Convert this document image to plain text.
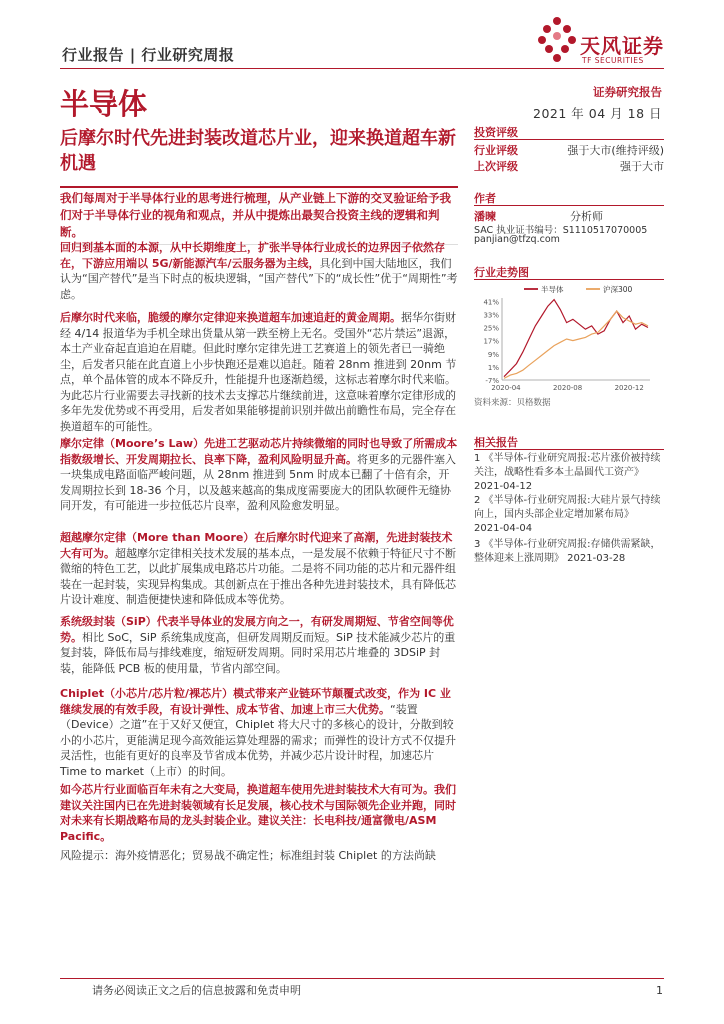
行业报告 | 行业研究周报	天风证券
TF SECURITIES
半导体	证券研究报告
2021 年 04 月 18 日
后摩尔时代先进封装改道芯片业，迎来换道超车新机遇
我们每周对于半导体行业的思考进行梳理，从产业链上下游的交叉验证给予我们对于半导体行业的视角和观点，并从中提炼出最契合投资主线的逻辑和判断。
回归到基本面的本源，从中长期维度上，扩张半导体行业成长的边界因子依然存在，下游应用端以 5G/新能源汽车/云服务器为主线，具化到中国大陆地区，我们认为“国产替代”是当下时点的板块逻辑，“国产替代”下的“成长性”优于“周期性”考虑。
后摩尔时代来临，脆缓的摩尔定律迎来换道超车加速追赶的黄金周期。据华尔街财经 4/14 报道华为手机全球出货量从第一跌至榜上无名。受国外“芯片禁运”退源，本土产业奋起直追迫在眉睫。但此时摩尔定律先进工艺赛道上的领先者已一骑绝尘，后发者只能在此直道上小步快跑还是难以追赶。随着 28nm 推进到 20nm 节点，单个晶体管的成本不降反升，性能提升也逐渐趋缓，这标志着摩尔时代来临。为此芯片行业需要去寻找新的技术去支撑芯片继续前进，这意味着摩尔定律形成的多年先发优势或不再受用，后发者如果能够提前识别并做出前瞻性布局，完全存在换道超车的可能性。
摩尔定律（Moore’s Law）先进工艺驱动芯片持续微缩的同时也导致了所需成本指数级增长、开发周期拉长、良率下降，盈利风险明显升高。将更多的元器件塞入一块集成电路面临严峻问题，从 28nm 推进到 5nm 时成本已翻了十倍有余，开发周期拉长到 18-36 个月，以及越来越高的集成度需要庞大的团队软硬件无缝协同开发，有可能进一步拉低芯片良率，盈利风险愈发明显。
超越摩尔定律（More than Moore）在后摩尔时代迎来了高潮，先进封装技术大有可为。超越摩尔定律相关技术发展的基本点，一是发展不依赖于特征尺寸不断微缩的特色工艺，以此扩展集成电路芯片功能。二是将不同功能的芯片和元器件组装在一起封装，实现异构集成。其创新点在于推出各种先进封装技术，具有降低芯片设计难度、制造便捷快速和降低成本等优势。
系统级封装（SiP）代表半导体业的发展方向之一，有研发周期短、节省空间等优势。相比 SoC，SiP 系统集成度高，但研发周期反而短。SiP 技术能减少芯片的重复封装，降低布局与排线难度，缩短研发周期。同时采用芯片堆叠的 3DSiP 封装，能降低 PCB 板的使用量，节省内部空间。
Chiplet（小芯片/芯片粒/裸芯片）模式带来产业链环节颠覆式改变，作为 IC 业继续发展的有效手段，有设计弹性、成本节省、加速上市三大优势。“装置（Device）之道”在于又好又便宜，Chiplet 将大尺寸的多核心的设计，分散到较小的小芯片，更能满足现今高效能运算处理器的需求；而弹性的设计方式不仅提升灵活性，也能有更好的良率及节省成本优势，并减少芯片设计时程，加速芯片 Time to market（上市）的时间。
如今芯片行业面临百年未有之大变局，换道超车使用先进封装技术大有可为。我们建议关注国内已在先进封装领域有长足发展，核心技术与国际领先企业并跑，同时对未来有长期战略布局的龙头封装企业。建议关注：长电科技/通富微电/ASM Pacific。
风险提示：海外疫情恶化；贸易战不确定性；标准组封装 Chiplet 的方法尚缺
投资评级
行业评级	强于大市(维持评级)
上次评级	强于大市
作者
潘暕	分析师
SAC 执业证书编号：S1110517070005
panjian@tfzq.com
行业走势图
41%
33%
25%
17%
9%
1%
-7%
2020-04	2020-08	2020-12
半导体	沪深300
资料来源：贝格数据
相关报告
1 《半导体-行业研究周报:芯片涨价被持续关注，战略性看多本土晶圆代工资产》 2021-04-12
2 《半导体-行业研究周报:大硅片景气持续向上，国内头部企业定增加紧布局》 2021-04-04
3 《半导体-行业研究周报:存储供需紧缺，整体迎来上涨周期》 2021-03-28
请务必阅读正文之后的信息披露和免责申明	1
